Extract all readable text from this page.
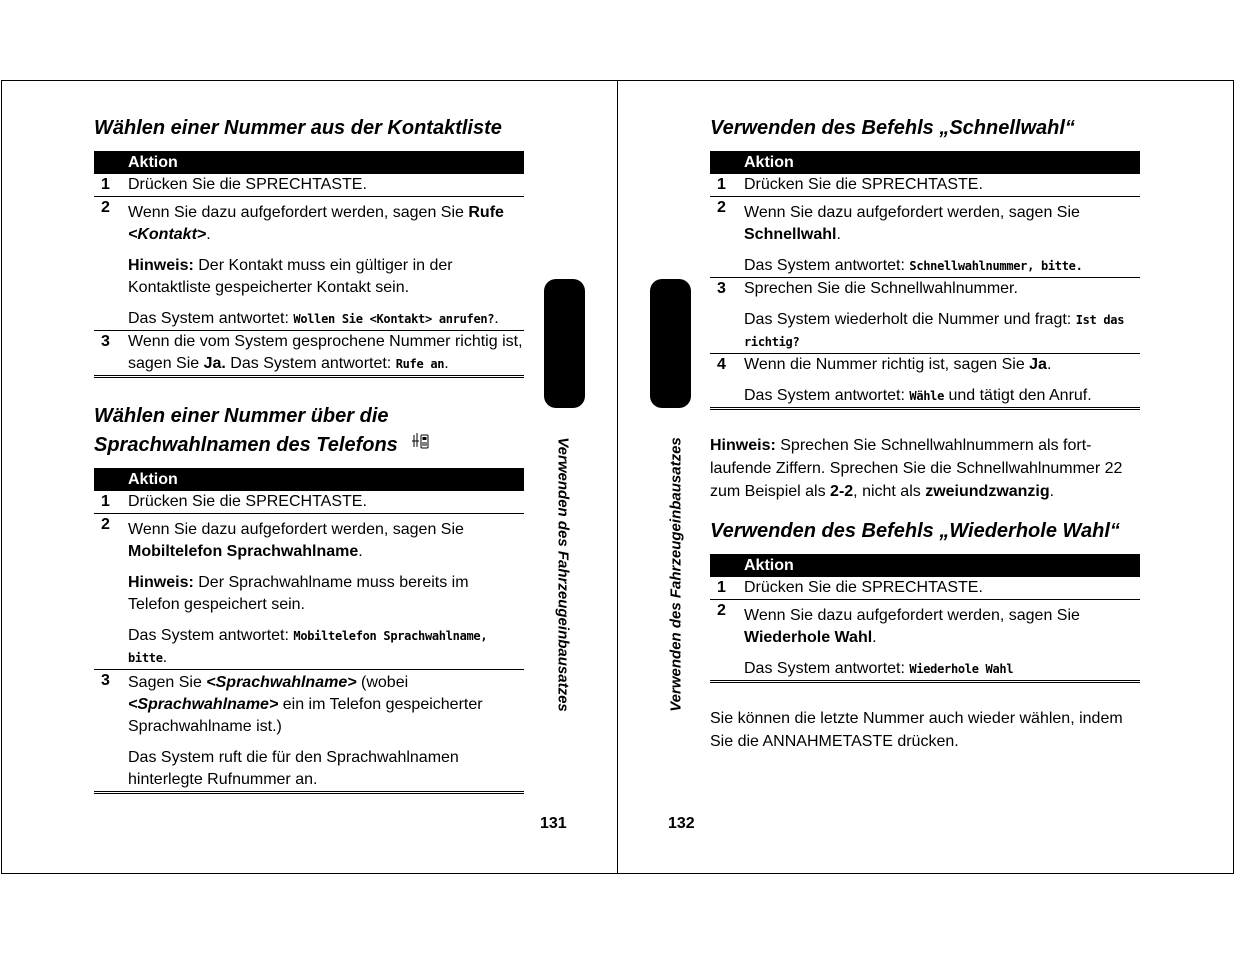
Wählen einer Nummer aus der Kontaktliste
Aktion	
1	Drücken Sie die SPRECHTASTE.

2	Wenn Sie dazu aufgefordert werden, sagen Sie Rufe
<Kontakt>.

Hinweis: Der Kontakt muss ein gültiger in der Kontaktliste gespeicherter Kontakt sein.

Das System antwortet: Wollen Sie <Kontakt> anrufen?.

3	Wenn die vom System gesprochene Nummer richtig ist, sagen Sie Ja. Das System antwortet: Rufe an.

Wählen einer Nummer über die
Sprachwahlnamen des Telefons
Aktion	
1	Drücken Sie die SPRECHTASTE.

2	Wenn Sie dazu aufgefordert werden, sagen Sie
Mobiltelefon Sprachwahlname.

Hinweis: Der Sprachwahlname muss bereits im Telefon gespeichert sein.

Das System antwortet: Mobiltelefon Sprachwahlname, bitte.

3	Sagen Sie <Sprachwahlname> (wobei
<Sprachwahlname> ein im Telefon gespeicherter Sprachwahlname ist.)

Das System ruft die für den Sprachwahlnamen hinterlegte Rufnummer an.

Verwenden des Fahrzeugeinbausatzes
131
Verwenden des Befehls „Schnellwahl“
Aktion	
1	Drücken Sie die SPRECHTASTE.

2	Wenn Sie dazu aufgefordert werden, sagen Sie
Schnellwahl.

Das System antwortet: Schnellwahlnummer, bitte.

3	Sprechen Sie die Schnellwahlnummer.

Das System wiederholt die Nummer und fragt: Ist das richtig?

4	Wenn die Nummer richtig ist, sagen Sie Ja.

Das System antwortet: Wähle und tätigt den Anruf.

Hinweis: Sprechen Sie Schnellwahlnummern als fort-laufende Ziffern. Sprechen Sie die Schnellwahlnummer 22 zum Beispiel als 2-2, nicht als zweiundzwanzig.

Verwenden des Befehls „Wiederhole Wahl“
Aktion	
1	Drücken Sie die SPRECHTASTE.

2	Wenn Sie dazu aufgefordert werden, sagen Sie
Wiederhole Wahl.

Das System antwortet: Wiederhole Wahl

Sie können die letzte Nummer auch wieder wählen, indem Sie die ANNAHMETASTE drücken.

Verwenden des Fahrzeugeinbausatzes
132
